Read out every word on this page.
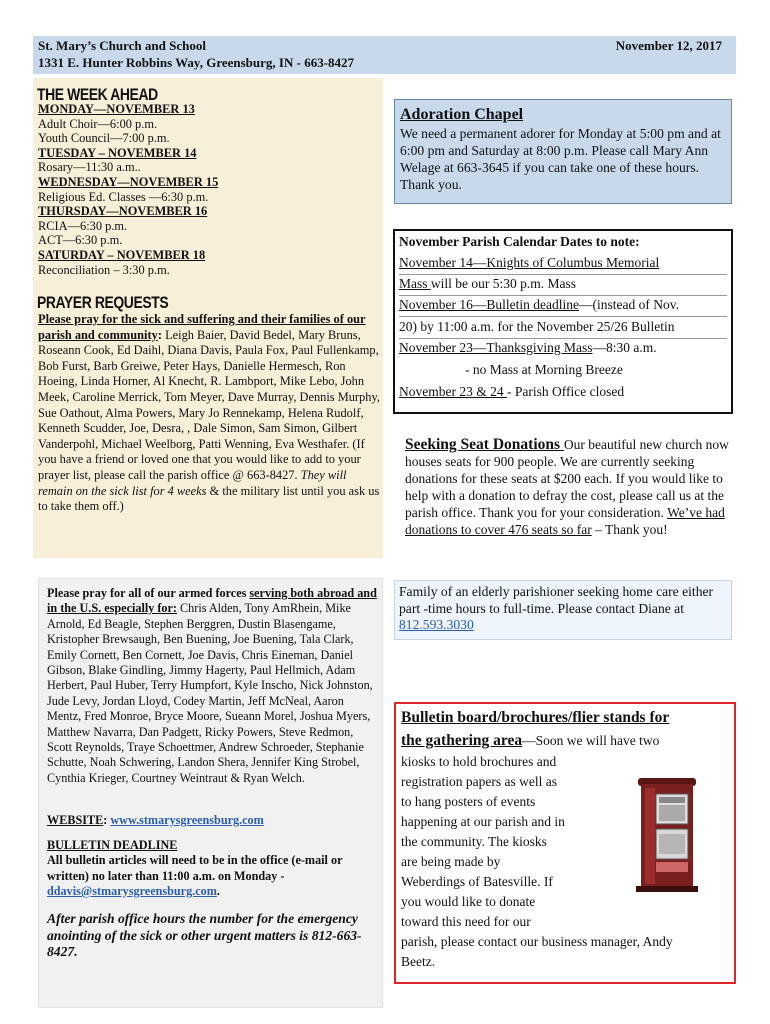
St. Mary’s Church and School
1331 E. Hunter Robbins Way, Greensburg, IN - 663-8427
November 12, 2017
THE WEEK AHEAD
MONDAY—NOVEMBER 13
Adult Choir—6:00 p.m.
Youth Council—7:00 p.m.
TUESDAY – NOVEMBER 14
Rosary—11:30 a.m..
WEDNESDAY—NOVEMBER 15
Religious Ed. Classes —6:30 p.m.
THURSDAY—NOVEMBER 16
RCIA—6:30 p.m.
ACT—6:30 p.m.
SATURDAY – NOVEMBER 18
Reconciliation – 3:30 p.m.
PRAYER REQUESTS
Please pray for the sick and suffering and their families of our parish and community: Leigh Baier, David Bedel, Mary Bruns, Roseann Cook, Ed Daihl, Diana Davis, Paula Fox, Paul Fullenkamp, Bob Furst, Barb Greiwe, Peter Hays, Danielle Hermesch, Ron Hoeing, Linda Horner, Al Knecht, R. Lambport, Mike Lebo, John Meek, Caroline Merrick, Tom Meyer, Dave Murray, Dennis Murphy, Sue Oathout, Alma Powers, Mary Jo Rennekamp, Helena Rudolf, Kenneth Scudder, Joe, Desra, , Dale Simon, Sam Simon, Gilbert Vanderpohl, Michael Weelborg, Patti Wenning, Eva Westhafer. (If you have a friend or loved one that you would like to add to your prayer list, please call the parish office @ 663-8427. They will remain on the sick list for 4 weeks & the military list until you ask us to take them off.)
Adoration Chapel
We need a permanent adorer for Monday at 5:00 pm and at 6:00 pm and Saturday at 8:00 p.m. Please call Mary Ann Welage at 663-3645 if you can take one of these hours. Thank you.
November Parish Calendar Dates to note:
November 14—Knights of Columbus Memorial
Mass will be our 5:30 p.m. Mass
November 16—Bulletin deadline—(instead of Nov.
20) by 11:00 a.m. for the November 25/26 Bulletin
November 23—Thanksgiving Mass—8:30 a.m.
- no Mass at Morning Breeze
November 23 & 24 - Parish Office closed
Seeking Seat Donations Our beautiful new church now houses seats for 900 people. We are currently seeking donations for these seats at $200 each. If you would like to help with a donation to defray the cost, please call us at the parish office. Thank you for your consideration. We’ve had donations to cover 476 seats so far – Thank you!
Please pray for all of our armed forces serving both abroad and in the U.S. especially for: Chris Alden, Tony AmRhein, Mike Arnold, Ed Beagle, Stephen Berggren, Dustin Blasengame, Kristopher Brewsaugh, Ben Buening, Joe Buening, Tala Clark, Emily Cornett, Ben Cornett, Joe Davis, Chris Eineman, Daniel Gibson, Blake Gindling, Jimmy Hagerty, Paul Hellmich, Adam Herbert, Paul Huber, Terry Humpfort, Kyle Inscho, Nick Johnston, Jude Levy, Jordan Lloyd, Codey Martin, Jeff McNeal, Aaron Mentz, Fred Monroe, Bryce Moore, Sueann Morel, Joshua Myers, Matthew Navarra, Dan Padgett, Ricky Powers, Steve Redmon, Scott Reynolds, Traye Schoettmer, Andrew Schroeder, Stephanie Schutte, Noah Schwering, Landon Shera, Jennifer King Strobel, Cynthia Krieger, Courtney Weintraut & Ryan Welch.
WEBSITE: www.stmarysgreensburg.com
BULLETIN DEADLINE
All bulletin articles will need to be in the office (e-mail or written) no later than 11:00 a.m. on Monday - ddavis@stmarysgreensburg.com.
After parish office hours the number for the emergency anointing of the sick or other urgent matters is 812-663-8427.
Family of an elderly parishioner seeking home care either part -time hours to full-time. Please contact Diane at 812.593.3030
Bulletin board/brochures/flier stands for
the gathering area—Soon we will have two
kiosks to hold brochures and
registration papers as well as
to hang posters of events
happening at our parish and in
the community. The kiosks
are being made by
Weberdings of Batesville. If
you would like to donate
toward this need for our
parish, please contact our business manager, Andy
Beetz.
